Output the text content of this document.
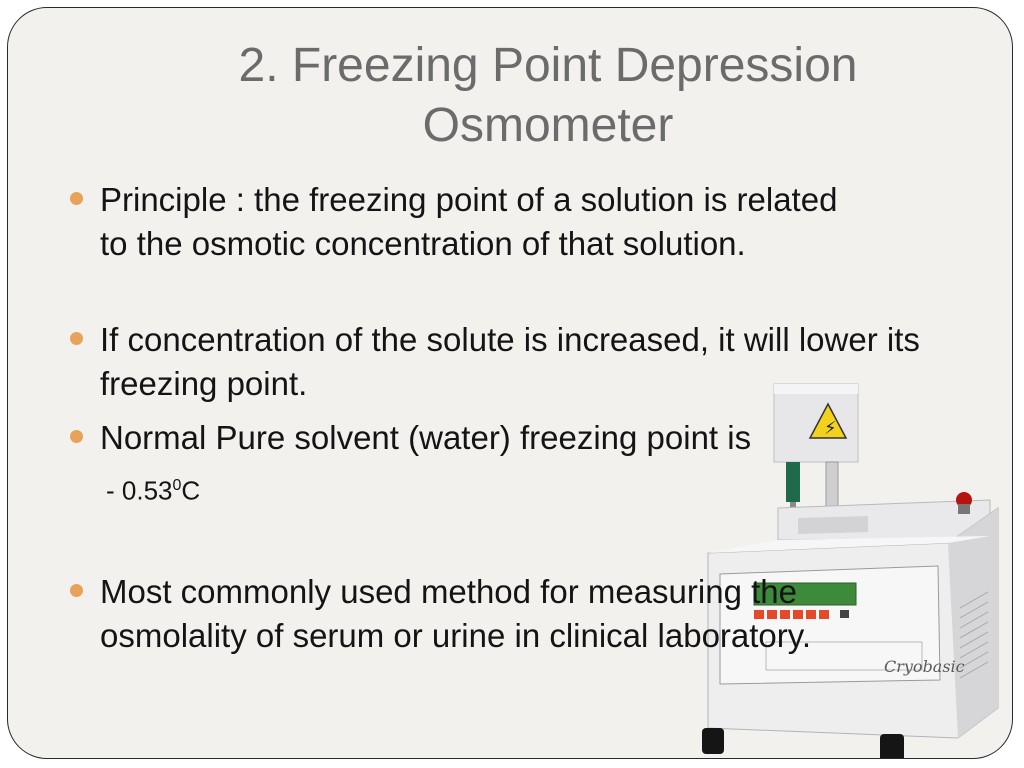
2. Freezing Point Depression
Osmometer
⚡
Cryobasic

Principle : the freezing point of a solution is related to the osmotic concentration of that solution.

If concentration of the solute is increased, it will lower its freezing point.

Normal Pure solvent (water) freezing point is

- 0.53$^0$C

Most commonly used method for measuring the osmolality of serum or urine in clinical laboratory.
